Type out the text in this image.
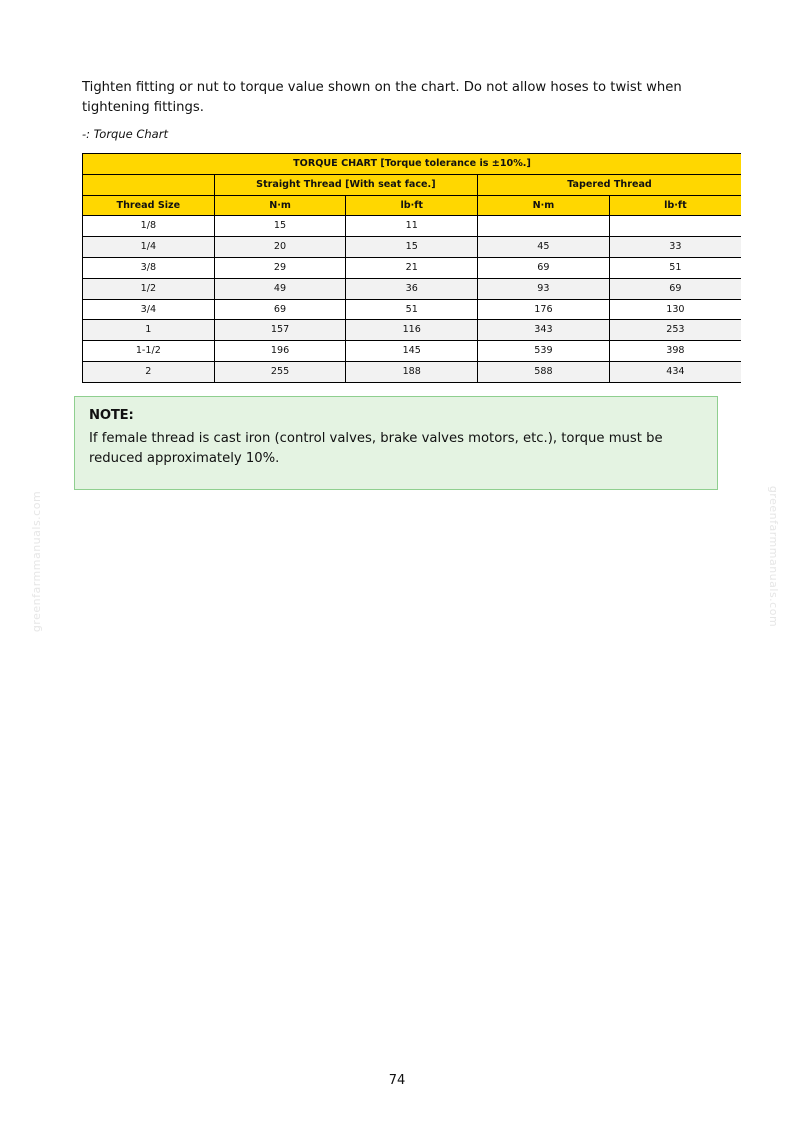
Tighten fitting or nut to torque value shown on the chart. Do not allow hoses to twist when tightening fittings.

-: Torque Chart

TORQUE CHART [Torque tolerance is ±10%.]				
	Straight Thread [With seat face.]		Tapered Thread	
Thread Size	N·m	lb·ft	N·m	lb·ft
1/8	15	11		
1/4	20	15	45	33
3/8	29	21	69	51
1/2	49	36	93	69
3/4	69	51	176	130
1	157	116	343	253
1-1/2	196	145	539	398
2	255	188	588	434

NOTE:

If female thread is cast iron (control valves, brake valves motors, etc.), torque must be reduced approximately 10%.

greenfarmmanuals.com	greenfarmmanuals.com
74
